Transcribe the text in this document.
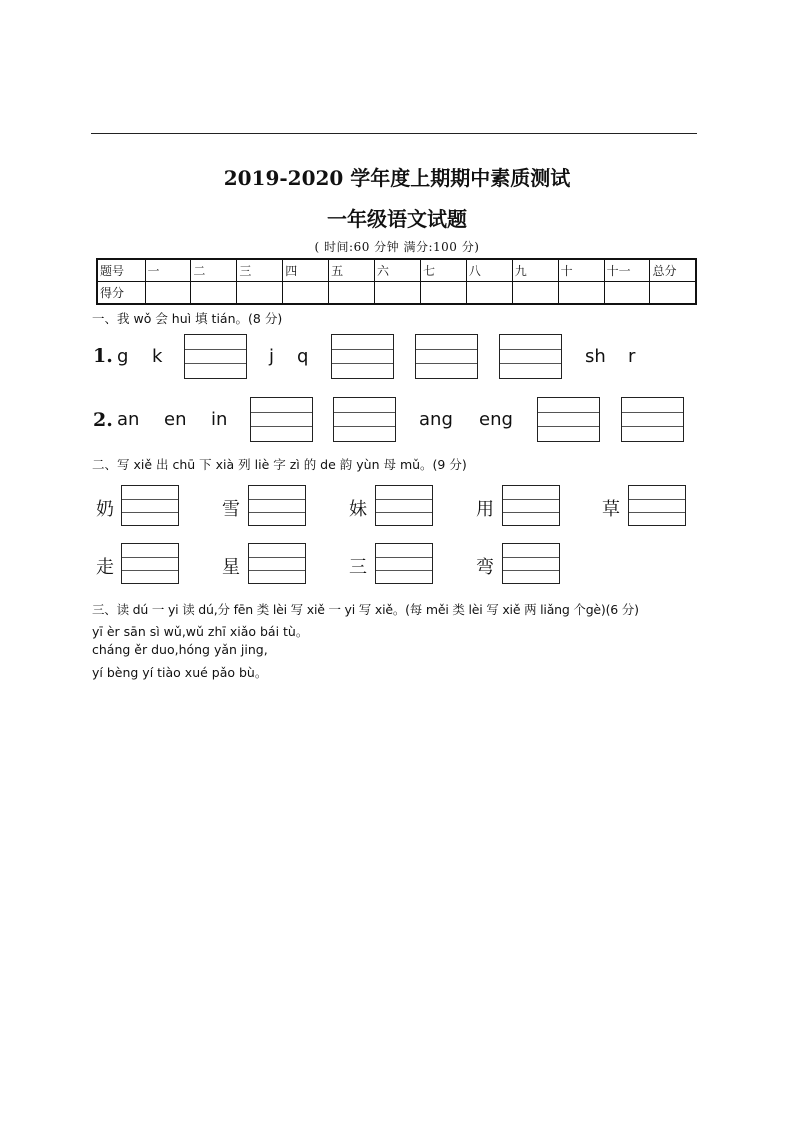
2019-2020 学年度上期期中素质测试
一年级语文试题
( 时间:60 分钟 满分:100 分)
题号	一	二	三	四	五	六	七	八	九	十	十一	总分
得分												
一、我 wǒ 会 huì 填 tián。(8 分)
1. g k	j q	sh r
2. an en in	ang eng
二、写 xiě 出 chū 下 xià 列 liè 字 zì 的 de 韵 yùn 母 mǔ。(9 分)
奶	雪	妹	用	草
走	星	三	弯
三、读 dú 一 yi 读 dú,分 fēn 类 lèi 写 xiě 一 yi 写 xiě。(每 měi 类 lèi 写 xiě 两 liǎng 个gè)(6 分)
yī èr sān sì wǔ,wǔ zhī xiǎo bái tù。
cháng ěr duo,hóng yǎn jing,
yí bèng yí tiào xué pǎo bù。
